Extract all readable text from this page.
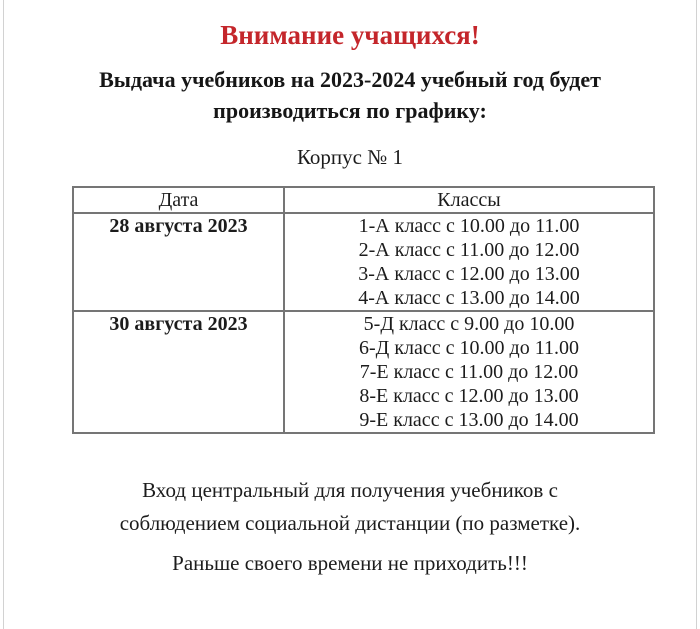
Внимание учащихся!

Выдача учебников на 2023-2024 учебный год будет производиться по графику:

Корпус № 1

Дата	Классы
28 августа 2023	1-А класс с 10.00 до 11.00
2-А класс с 11.00 до 12.00
3-А класс с 12.00 до 13.00
4-А класс с 13.00 до 14.00

30 августа 2023	5-Д класс с 9.00 до 10.00
6-Д класс с 10.00 до 11.00
7-Е класс с 11.00 до 12.00
8-Е класс с 12.00 до 13.00
9-Е класс с 13.00 до 14.00

Вход центральный для получения учебников с соблюдением социальной дистанции (по разметке).

Раньше своего времени не приходить!!!
